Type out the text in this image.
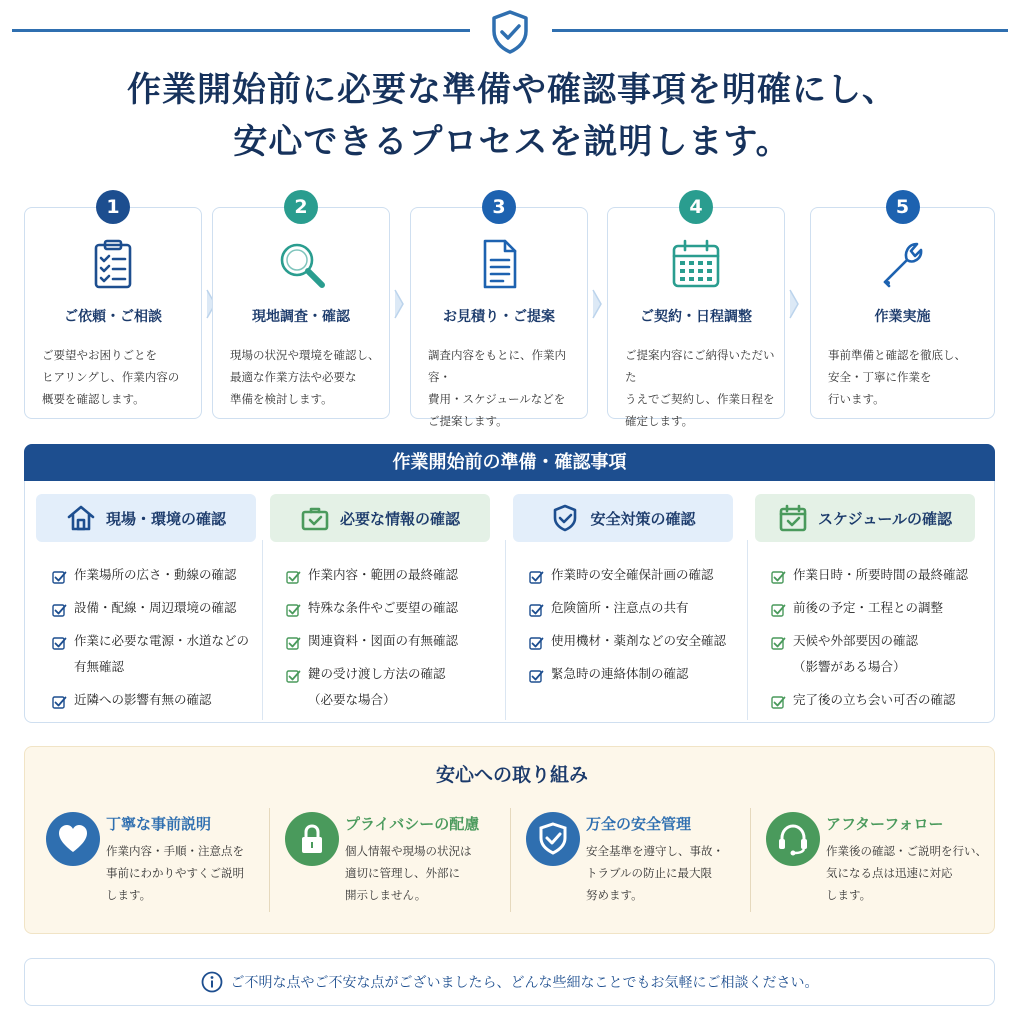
作業開始前に必要な準備や確認事項を明確にし、
安心できるプロセスを説明します。
ご依頼・ご相談
ご要望やお困りごとを
ヒアリングし、作業内容の
概要を確認します。
1
現地調査・確認
現場の状況や環境を確認し、
最適な作業方法や必要な
準備を検討します。
2
お見積り・ご提案
調査内容をもとに、作業内容・
費用・スケジュールなどを
ご提案します。
3
ご契約・日程調整
ご提案内容にご納得いただいた
うえでご契約し、作業日程を
確定します。
4
作業実施
事前準備と確認を徹底し、
安全・丁寧に作業を
行います。
5
作業開始前の準備・確認事項
現場・環境の確認
作業場所の広さ・動線の確認
設備・配線・周辺環境の確認
作業に必要な電源・水道などの
有無確認
近隣への影響有無の確認
必要な情報の確認
作業内容・範囲の最終確認
特殊な条件やご要望の確認
関連資料・図面の有無確認
鍵の受け渡し方法の確認
（必要な場合）
安全対策の確認
作業時の安全確保計画の確認
危険箇所・注意点の共有
使用機材・薬剤などの安全確認
緊急時の連絡体制の確認
スケジュールの確認
作業日時・所要時間の最終確認
前後の予定・工程との調整
天候や外部要因の確認
（影響がある場合）
完了後の立ち会い可否の確認
安心への取り組み
丁寧な事前説明
作業内容・手順・注意点を
事前にわかりやすくご説明
します。
プライバシーの配慮
個人情報や現場の状況は
適切に管理し、外部に
開示しません。
万全の安全管理
安全基準を遵守し、事故・
トラブルの防止に最大限
努めます。
アフターフォロー
作業後の確認・ご説明を行い、
気になる点は迅速に対応
します。
ご不明な点やご不安な点がございましたら、どんな些細なことでもお気軽にご相談ください。
